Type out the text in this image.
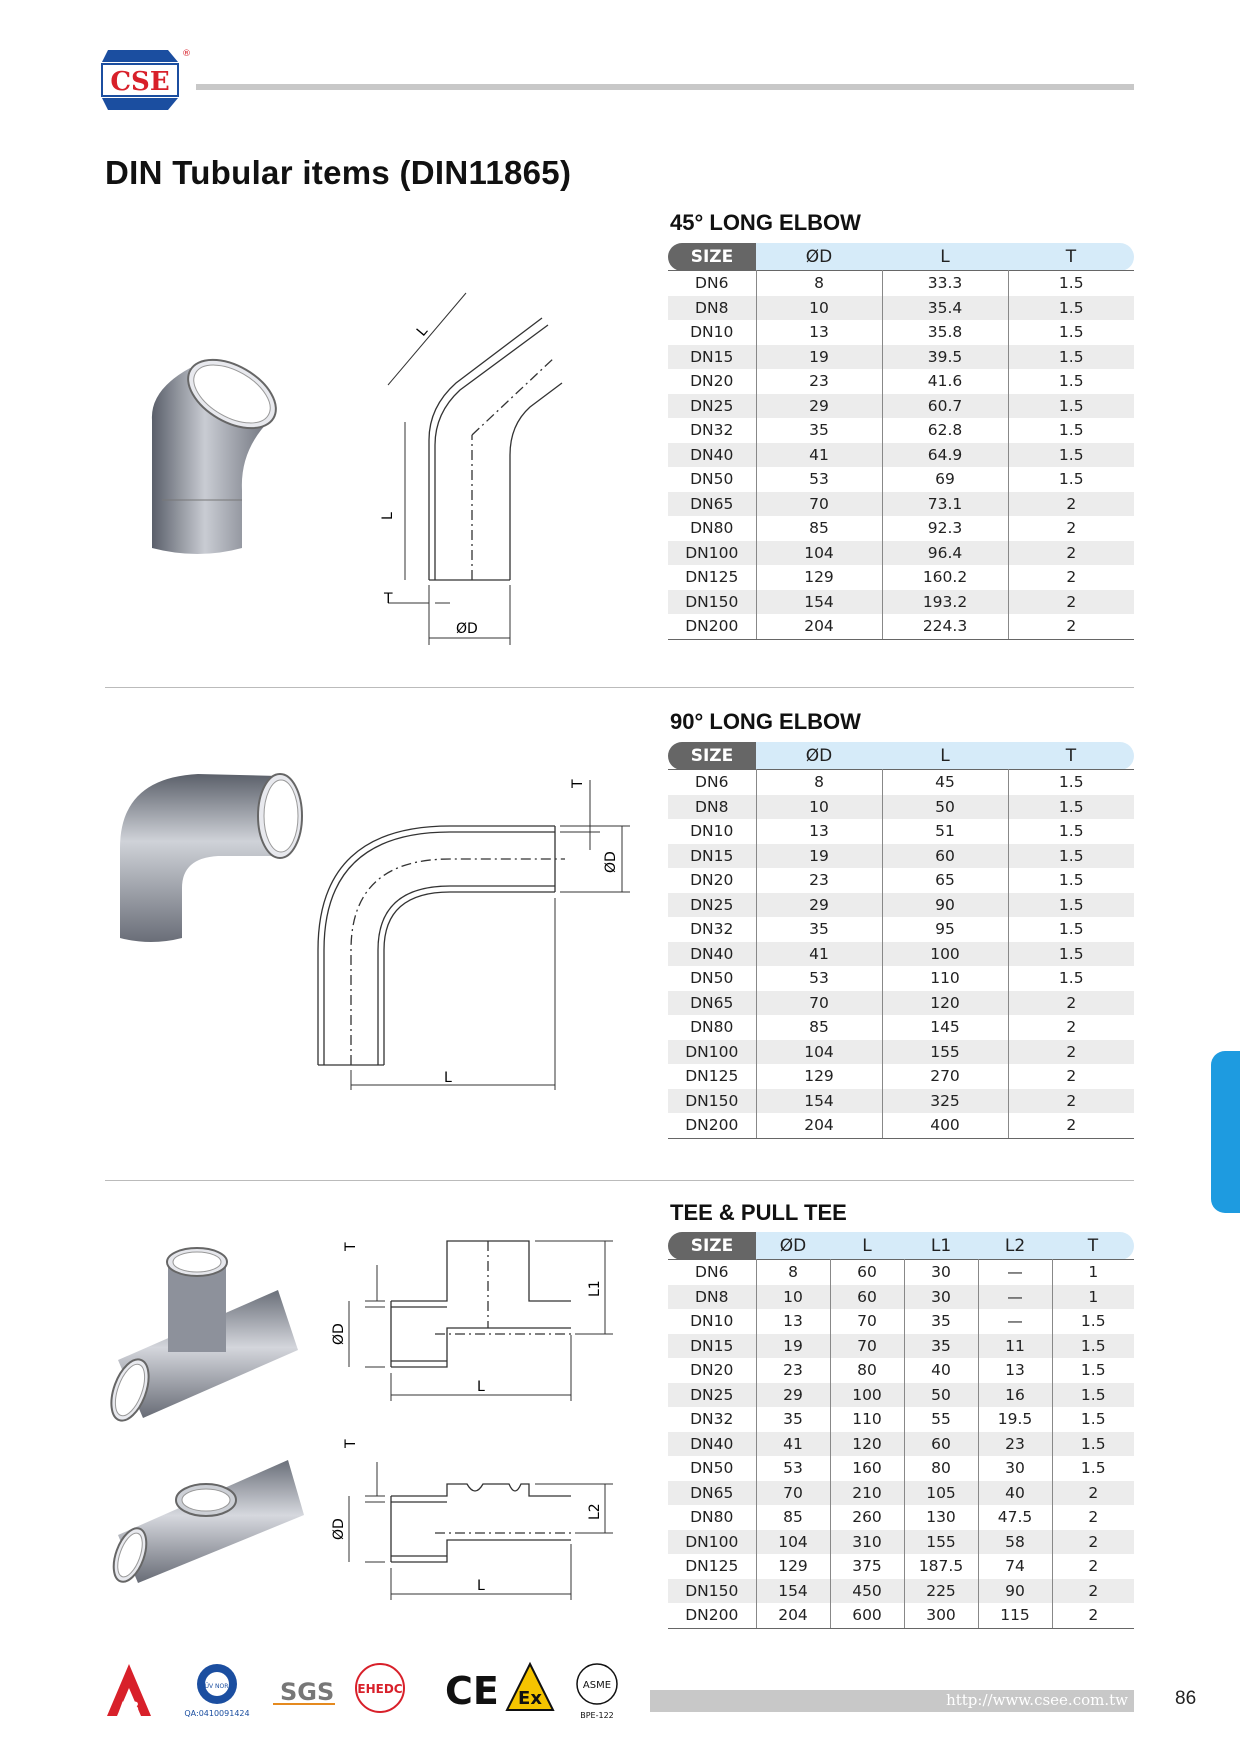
CSE
®
DIN Tubular items (DIN11865)
L
L
T
ØD
45° LONG ELBOW
SIZE	ØD	L	T
DN6	8	33.3	1.5
DN8	10	35.4	1.5
DN10	13	35.8	1.5
DN15	19	39.5	1.5
DN20	23	41.6	1.5
DN25	29	60.7	1.5
DN32	35	62.8	1.5
DN40	41	64.9	1.5
DN50	53	69	1.5
DN65	70	73.1	2
DN80	85	92.3	2
DN100	104	96.4	2
DN125	129	160.2	2
DN150	154	193.2	2
DN200	204	224.3	2
T
ØD
L
90° LONG ELBOW
SIZE	ØD	L	T
DN6	8	45	1.5
DN8	10	50	1.5
DN10	13	51	1.5
DN15	19	60	1.5
DN20	23	65	1.5
DN25	29	90	1.5
DN32	35	95	1.5
DN40	41	100	1.5
DN50	53	110	1.5
DN65	70	120	2
DN80	85	145	2
DN100	104	155	2
DN125	129	270	2
DN150	154	325	2
DN200	204	400	2
T
ØD
L
L1
T
ØD
L
L2
TEE & PULL TEE
SIZE	ØD	L	L1	L2	T
DN6	8	60	30	—	1
DN8	10	60	30	—	1
DN10	13	70	35	—	1.5
DN15	19	70	35	11	1.5
DN20	23	80	40	13	1.5
DN25	29	100	50	16	1.5
DN32	35	110	55	19.5	1.5
DN40	41	120	60	23	1.5
DN50	53	160	80	30	1.5
DN65	70	210	105	40	2
DN80	85	260	130	47.5	2
DN100	104	310	155	58	2
DN125	129	375	187.5	74	2
DN150	154	450	225	90	2
DN200	204	600	300	115	2
A3
TÜV NORD
QA:0410091424
SGS EHEDC CE Ex
ASME
BPE-122
http://www.csee.com.tw 86
